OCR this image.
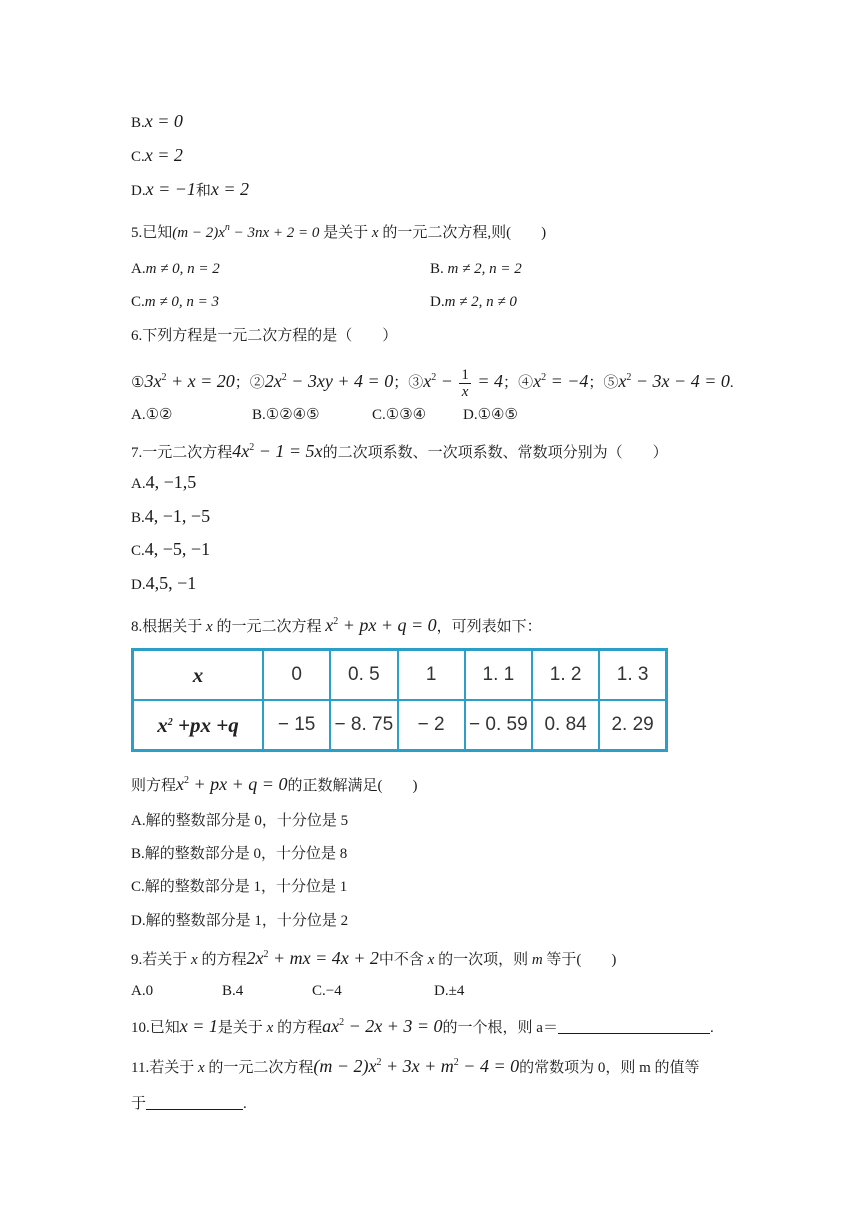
B.x = 0
C.x = 2
D.x = −1和x = 2
5.已知$(m - 2)x^n - 3nx + 2 = 0$ 是关于 x 的一元二次方程,则(　　)
A.m ≠ 0, n = 2	B. m ≠ 2, n = 2
C.m ≠ 0, n = 3	D.m ≠ 2, n ≠ 0
6.下列方程是一元二次方程的是（　　）
$①3x^2 + x = 20$；$②2x^2 - 3xy + 4 = 0$；$③x^2 - \frac{1}{x} = 4$；$④x^2 = -4$；$⑤x^2 - 3x - 4 = 0$.
A.①②	B.①②④⑤	C.①③④ D.①④⑤
7.一元二次方程$4x^2 - 1 = 5x$的二次项系数、一次项系数、常数项分别为（　　）
A.4, −1,5
B.4, −1, −5
C.4, −5, −1
D.4,5, −1
8.根据关于 x 的一元二次方程 $x^2$ + px + q = 0，可列表如下：
x	0	0. 5	1	1. 1	1. 2	1. 3
$x^2 +px +q$	− 15	− 8. 75	− 2	− 0. 59	0. 84	2. 29
则方程$x^2$ + px + q = 0的正数解满足(　　)
A.解的整数部分是 0，十分位是 5
B.解的整数部分是 0，十分位是 8
C.解的整数部分是 1，十分位是 1
D.解的整数部分是 1，十分位是 2
9.若关于 x 的方程$2x^2$ + mx = 4x + 2中不含 x 的一次项，则 m 等于(　　)
A.0	B.4	C.−4	D.±4
10.已知x = 1是关于 x 的方程$ax^2 - 2x + 3 = 0$的一个根，则 a＝	.
11.若关于 x 的一元二次方程$(m - 2)x^2 + 3x + m^2 - 4 = 0$的常数项为 0，则 m 的值等
于	.
